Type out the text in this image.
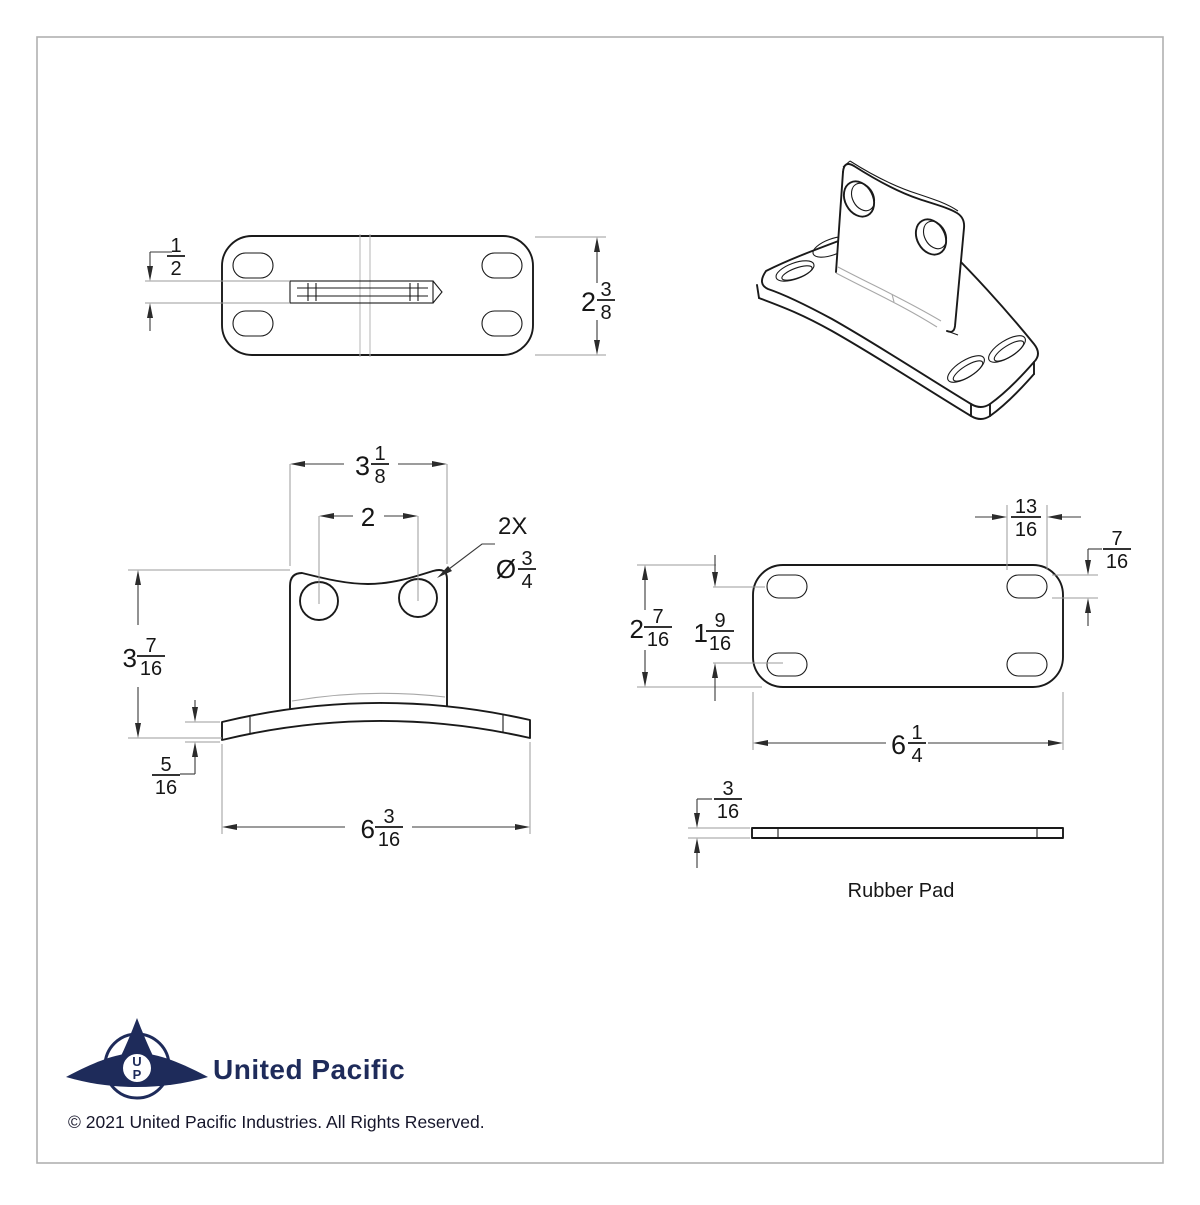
1
2
2 3
8
3 1
8
2	2X
Ø 3
4
3 7
16
5
16
6 3
16
13
16	7
16
2 7
16 1 9
16
6 1
4
3
16
Rubber Pad
U
P	United Pacific
© 2021 United Pacific Industries. All Rights Reserved.
